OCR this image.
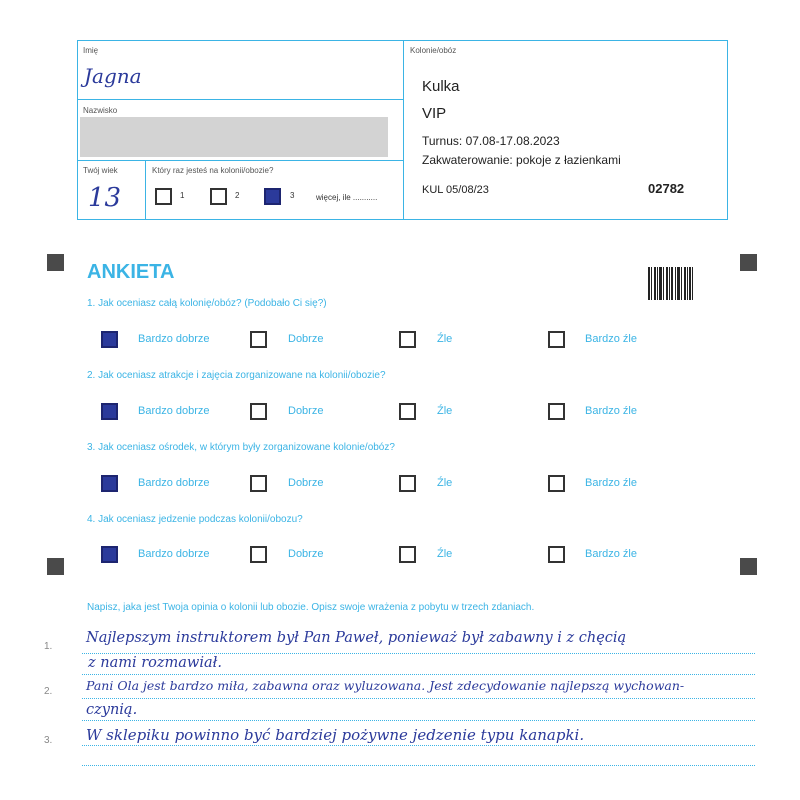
Imię
Jagna
Nazwisko
Twój wiek
13
Który raz jesteś na kolonii/obozie?
1	2	3	więcej, ile ...........
Kolonie/obóz
Kulka
VIP
Turnus: 07.08-17.08.2023
Zakwaterowanie: pokoje z łazienkami
KUL 05/08/23	02782
ANKIETA
1. Jak oceniasz całą kolonię/obóz? (Podobało Ci się?)
Bardzo dobrze	Dobrze	Źle	Bardzo źle
2. Jak oceniasz atrakcje i zajęcia zorganizowane na kolonii/obozie?
Bardzo dobrze	Dobrze	Źle	Bardzo źle
3. Jak oceniasz ośrodek, w którym były zorganizowane kolonie/obóz?
Bardzo dobrze	Dobrze	Źle	Bardzo źle
4. Jak oceniasz jedzenie podczas kolonii/obozu?
Bardzo dobrze	Dobrze	Źle	Bardzo źle
Napisz, jaka jest Twoja opinia o kolonii lub obozie. Opisz swoje wrażenia z pobytu w trzech zdaniach.
1.
2.
3.
Najlepszym instruktorem był Pan Paweł, ponieważ był zabawny i z chęcią
z nami rozmawiał.
Pani Ola jest bardzo miła, zabawna oraz wyluzowana. Jest zdecydowanie najlepszą wychowan-
czynią.
W sklepiku powinno być bardziej pożywne jedzenie typu kanapki.
